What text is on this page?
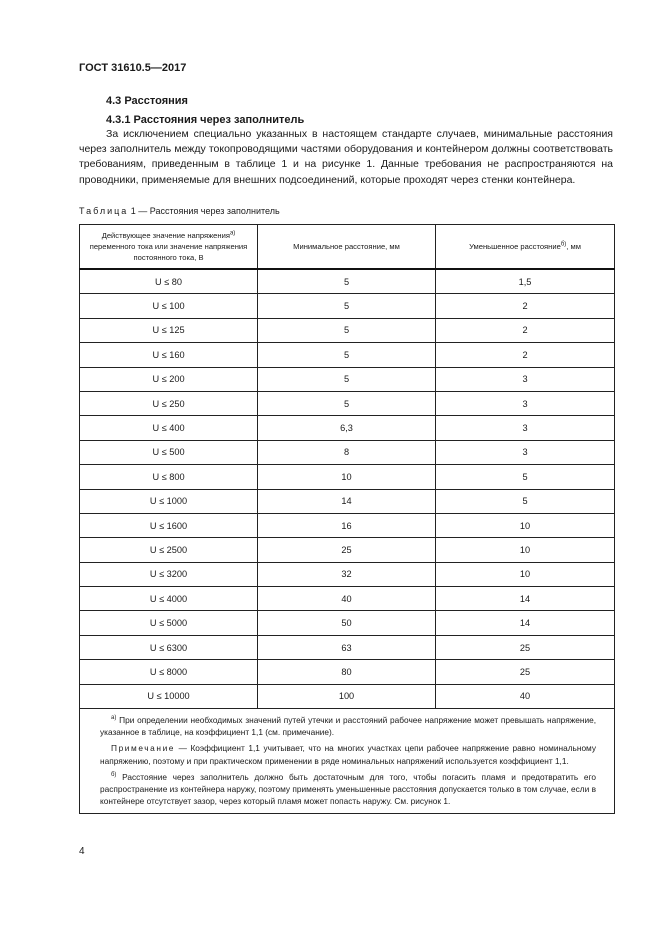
ГОСТ 31610.5—2017
4.3 Расстояния
4.3.1 Расстояния через заполнитель
За исключением специально указанных в настоящем стандарте случаев, минимальные расстояния через заполнитель между токопроводящими частями оборудования и контейнером должны соответствовать требованиям, приведенным в таблице 1 и на рисунке 1. Данные требования не распространяются на проводники, применяемые для внешних подсоединений, которые проходят через стенки контейнера.
Таблица 1 — Расстояния через заполнитель
Действующее значение напряжения$^{а)}$ переменного тока или значение напряжения постоянного тока, В	Минимальное расстояние, мм	Уменьшенное расстояние$^{б)}$, мм
U ≤ 80	5	1,5
U ≤ 100	5	2
U ≤ 125	5	2
U ≤ 160	5	2
U ≤ 200	5	3
U ≤ 250	5	3
U ≤ 400	6,3	3
U ≤ 500	8	3
U ≤ 800	10	5
U ≤ 1000	14	5
U ≤ 1600	16	10
U ≤ 2500	25	10
U ≤ 3200	32	10
U ≤ 4000	40	14
U ≤ 5000	50	14
U ≤ 6300	63	25
U ≤ 8000	80	25
U ≤ 10000	100	40

$^{а)}$ При определении необходимых значений путей утечки и расстояний рабочее напряжение может превышать напряжение, указанное в таблице, на коэффициент 1,1 (см. примечание).

Примечание — Коэффициент 1,1 учитывает, что на многих участках цепи рабочее напряжение равно номинальному напряжению, поэтому и при практическом применении в ряде номинальных напряжений используется коэффициент 1,1.

$^{б)}$ Расстояние через заполнитель должно быть достаточным для того, чтобы погасить пламя и предотвратить его распространение из контейнера наружу, поэтому применять уменьшенные расстояния допускается только в том случае, если в контейнере отсутствует зазор, через который пламя может попасть наружу. См. рисунок 1.		

4
